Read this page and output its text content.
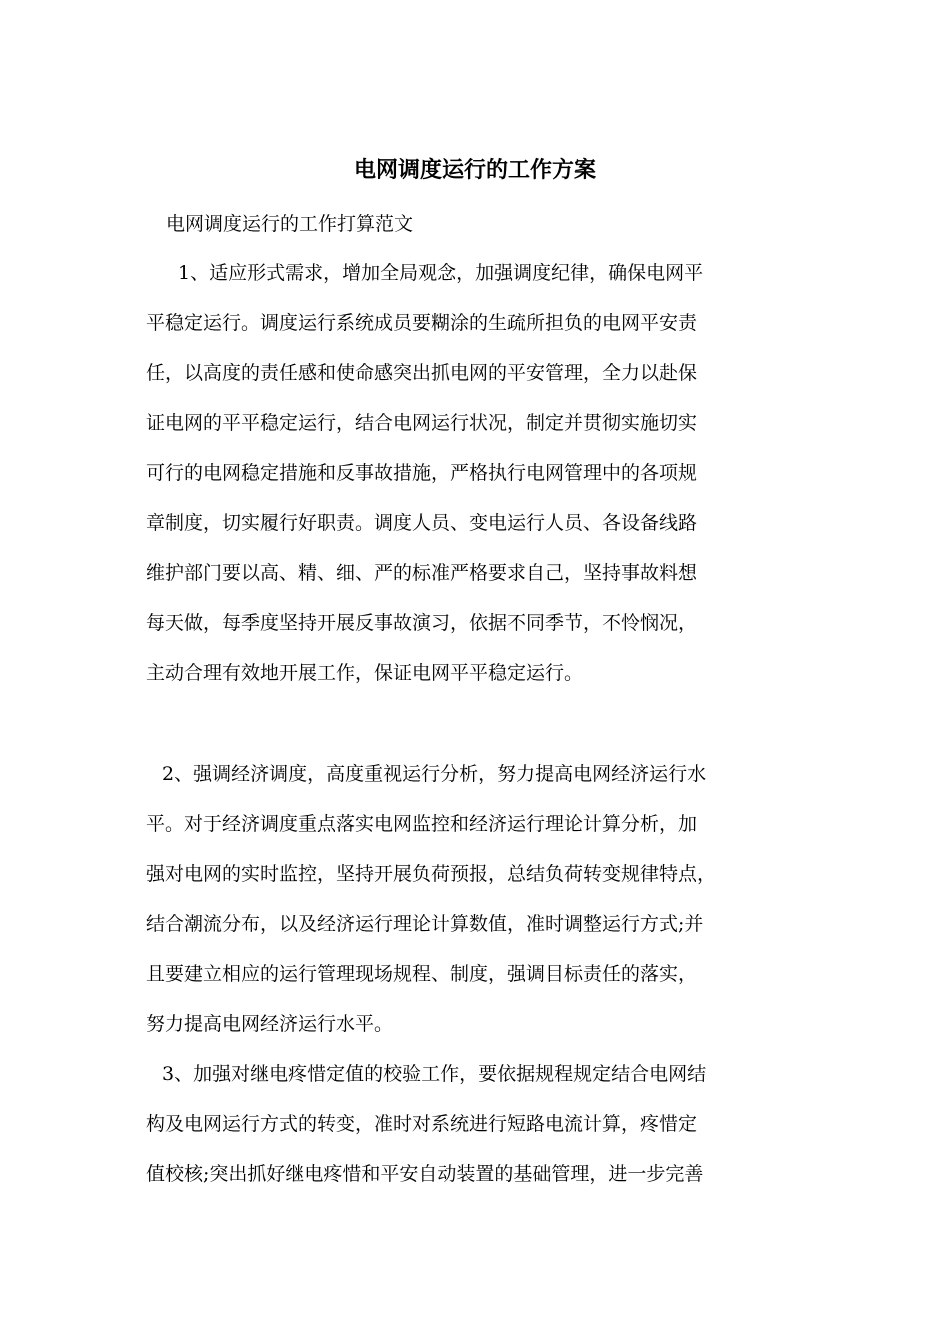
电网调度运行的工作方案

电网调度运行的工作打算范文

1、适应形式需求，增加全局观念，加强调度纪律，确保电网平

平稳定运行。调度运行系统成员要糊涂的生疏所担负的电网平安责

任，以高度的责任感和使命感突出抓电网的平安管理，全力以赴保

证电网的平平稳定运行，结合电网运行状况，制定并贯彻实施切实

可行的电网稳定措施和反事故措施，严格执行电网管理中的各项规

章制度，切实履行好职责。调度人员、变电运行人员、各设备线路

维护部门要以高、精、细、严的标准严格要求自己，坚持事故料想

每天做，每季度坚持开展反事故演习，依据不同季节，不怜悯况，

主动合理有效地开展工作，保证电网平平稳定运行。

2、强调经济调度，高度重视运行分析，努力提高电网经济运行水

平。对于经济调度重点落实电网监控和经济运行理论计算分析，加

强对电网的实时监控，坚持开展负荷预报，总结负荷转变规律特点，

结合潮流分布，以及经济运行理论计算数值，准时调整运行方式;并

且要建立相应的运行管理现场规程、制度，强调目标责任的落实，

努力提高电网经济运行水平。

3、加强对继电疼惜定值的校验工作，要依据规程规定结合电网结

构及电网运行方式的转变，准时对系统进行短路电流计算，疼惜定

值校核;突出抓好继电疼惜和平安自动装置的基础管理，进一步完善
